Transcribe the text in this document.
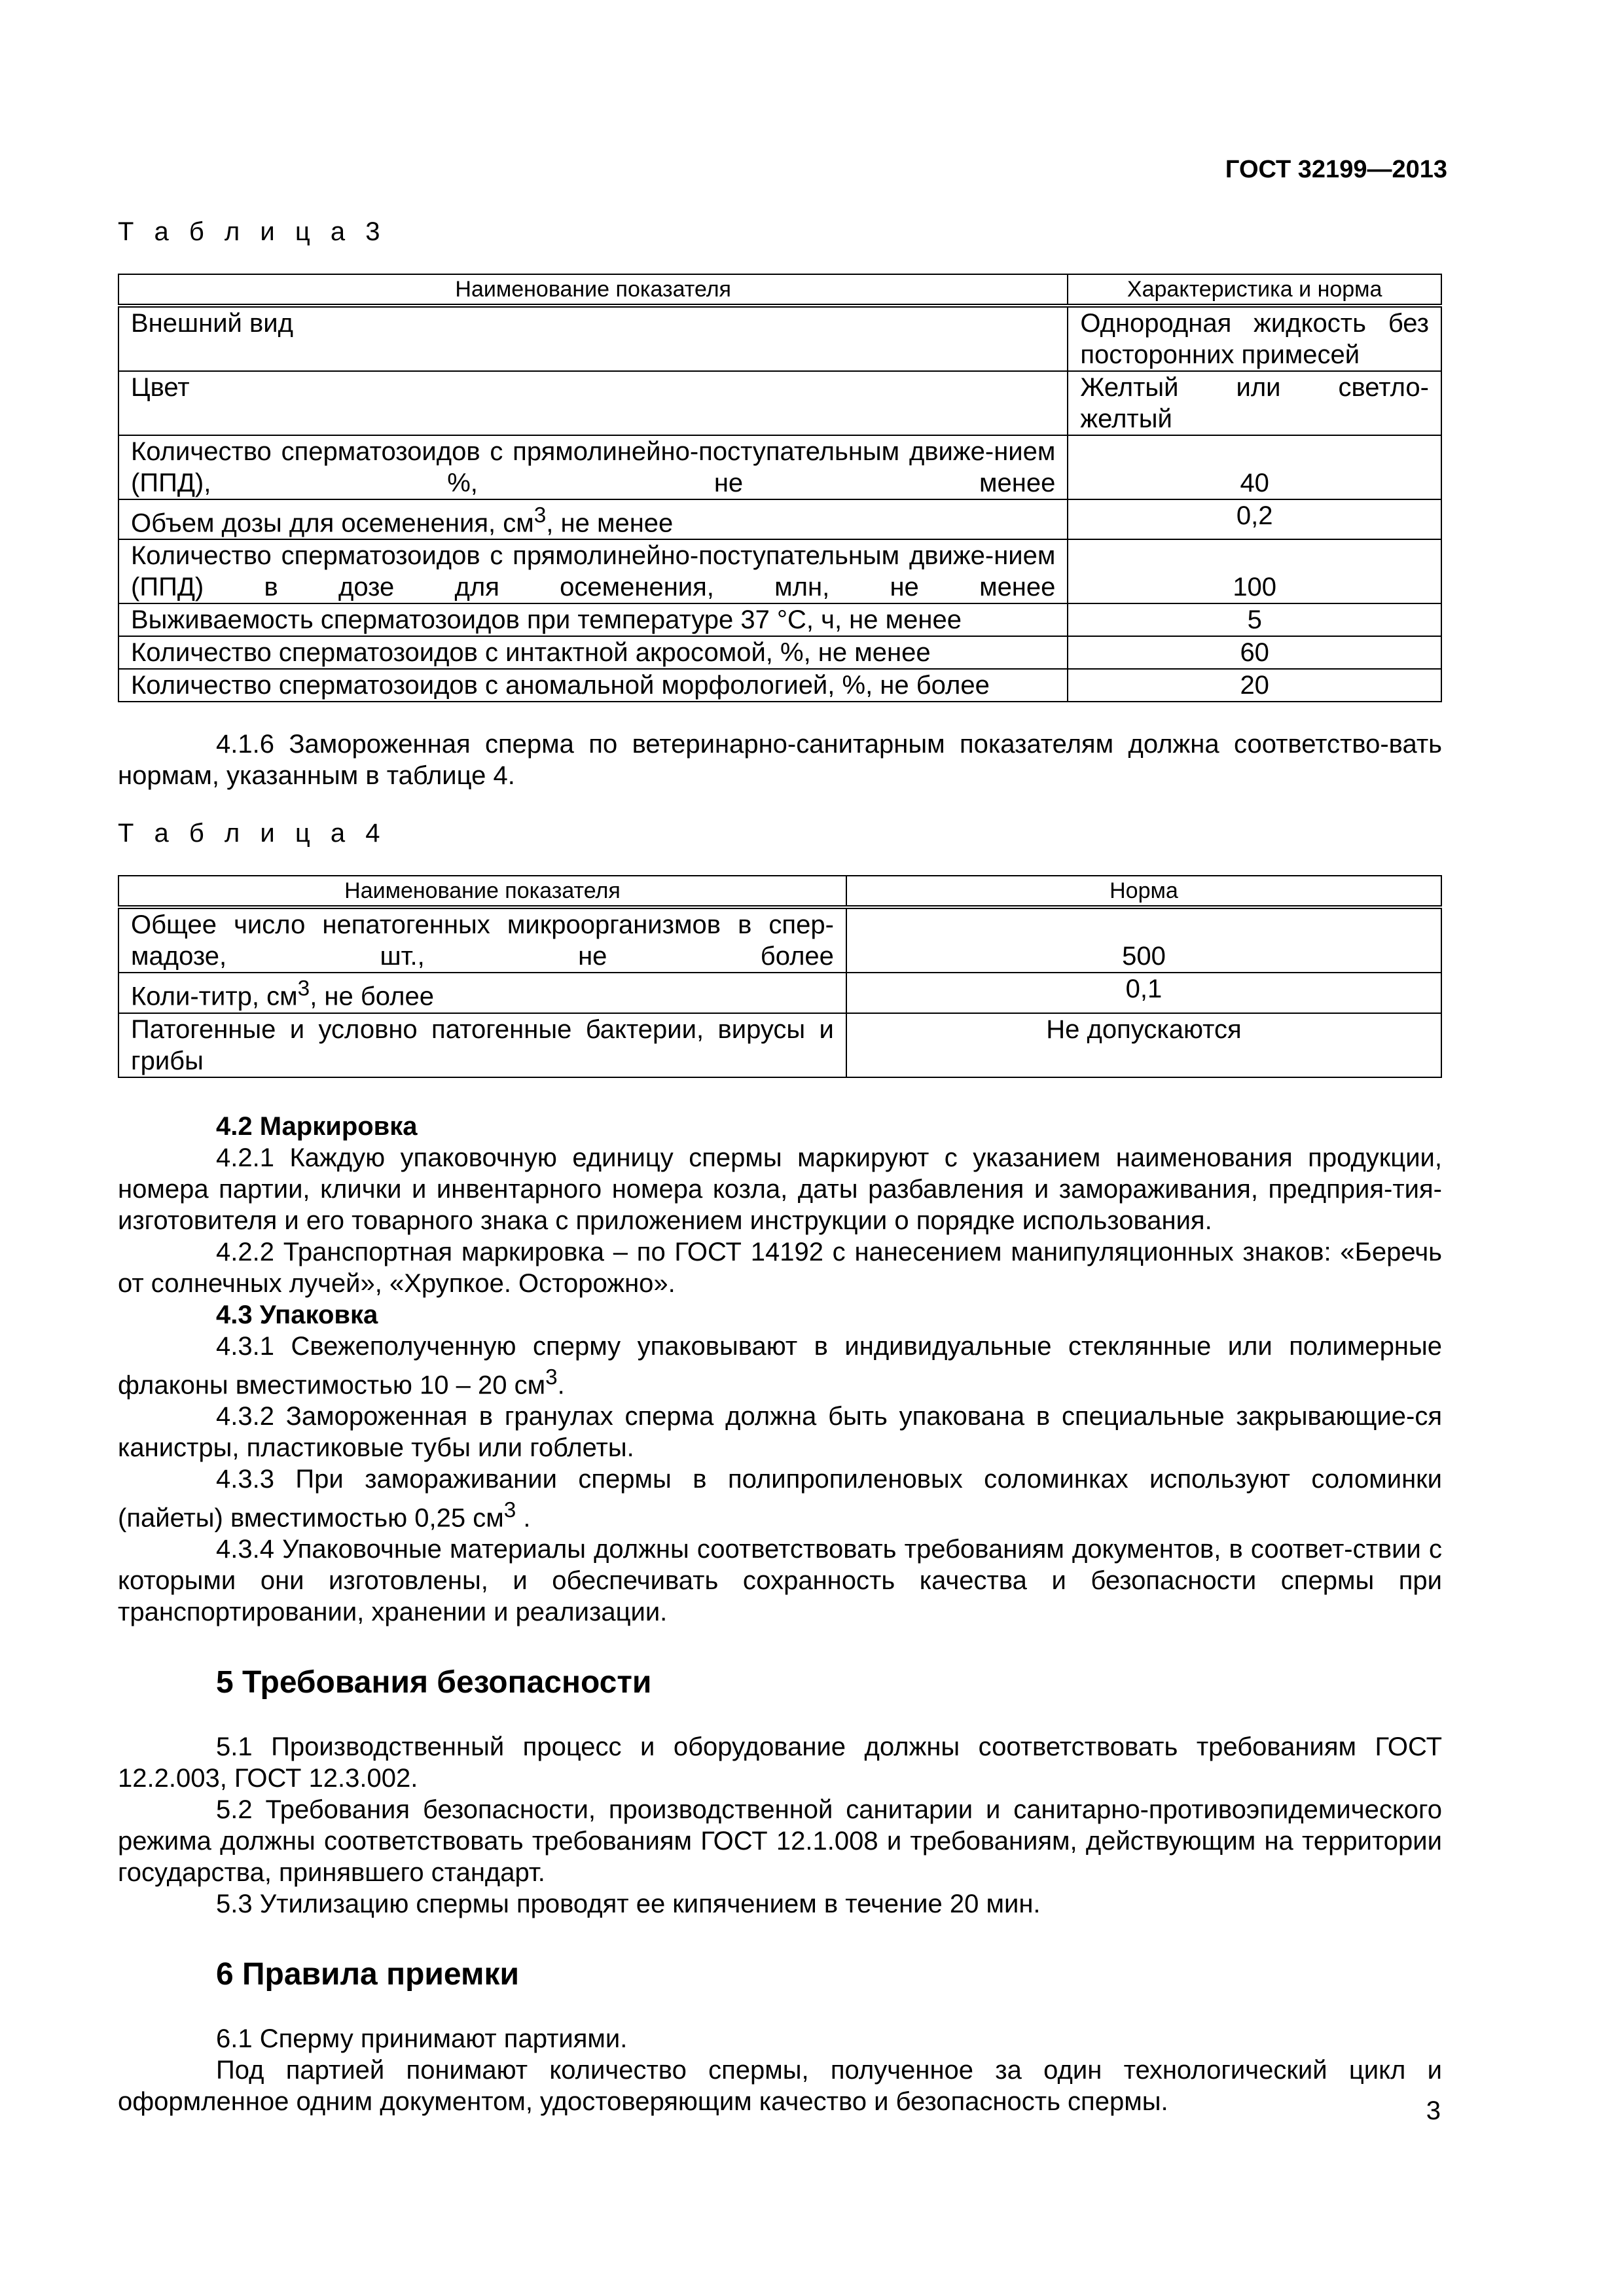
ГОСТ 32199—2013
Т а б л и ц а 3
Наименование показателя	Характеристика и норма
Внешний вид	Однородная жидкость без посторонних примесей
Цвет	Желтый или светло-
желтый
Количество сперматозоидов с прямолинейно-поступательным движе-нием (ППД), %, не менее	40
Объем дозы для осеменения, $см^3$, не менее	0,2
Количество сперматозоидов с прямолинейно-поступательным движе-нием (ППД) в дозе для осеменения, млн, не менее	100
Выживаемость сперматозоидов при температуре 37 °С, ч, не менее	5
Количество сперматозоидов с интактной акросомой, %, не менее	60
Количество сперматозоидов с аномальной морфологией, %, не более	20

4.1.6 Замороженная сперма по ветеринарно-санитарным показателям должна соответство-вать нормам, указанным в таблице 4.

Т а б л и ц а 4
Наименование показателя	Норма
Общее число непатогенных микроорганизмов в спер-мадозе, шт., не более	500
Коли-титр, $см^3$, не более	0,1
Патогенные и условно патогенные бактерии, вирусы и грибы	Не допускаются

4.2 Маркировка

4.2.1 Каждую упаковочную единицу спермы маркируют с указанием наименования продукции, номера партии, клички и инвентарного номера козла, даты разбавления и замораживания, предприя-тия-изготовителя и его товарного знака с приложением инструкции о порядке использования.

4.2.2 Транспортная маркировка – по ГОСТ 14192 с нанесением манипуляционных знаков: «Беречь от солнечных лучей», «Хрупкое. Осторожно».

4.3 Упаковка

4.3.1 Свежеполученную сперму упаковывают в индивидуальные стеклянные или полимерные флаконы вместимостью 10 – 20 $см^3$.

4.3.2 Замороженная в гранулах сперма должна быть упакована в специальные закрывающие-ся канистры, пластиковые тубы или гоблеты.

4.3.3 При замораживании спермы в полипропиленовых соломинках используют соломинки (пайеты) вместимостью 0,25 $см^3$ .

4.3.4 Упаковочные материалы должны соответствовать требованиям документов, в соответ-ствии с которыми они изготовлены, и обеспечивать сохранность качества и безопасности спермы при транспортировании, хранении и реализации.

5 Требования безопасности

5.1 Производственный процесс и оборудование должны соответствовать требованиям ГОСТ 12.2.003, ГОСТ 12.3.002.

5.2 Требования безопасности, производственной санитарии и санитарно-противоэпидемического режима должны соответствовать требованиям ГОСТ 12.1.008 и требованиям, действующим на территории государства, принявшего стандарт.

5.3 Утилизацию спермы проводят ее кипячением в течение 20 мин.

6 Правила приемки

6.1 Сперму принимают партиями.

Под партией понимают количество спермы, полученное за один технологический цикл и оформленное одним документом, удостоверяющим качество и безопасность спермы.	3
